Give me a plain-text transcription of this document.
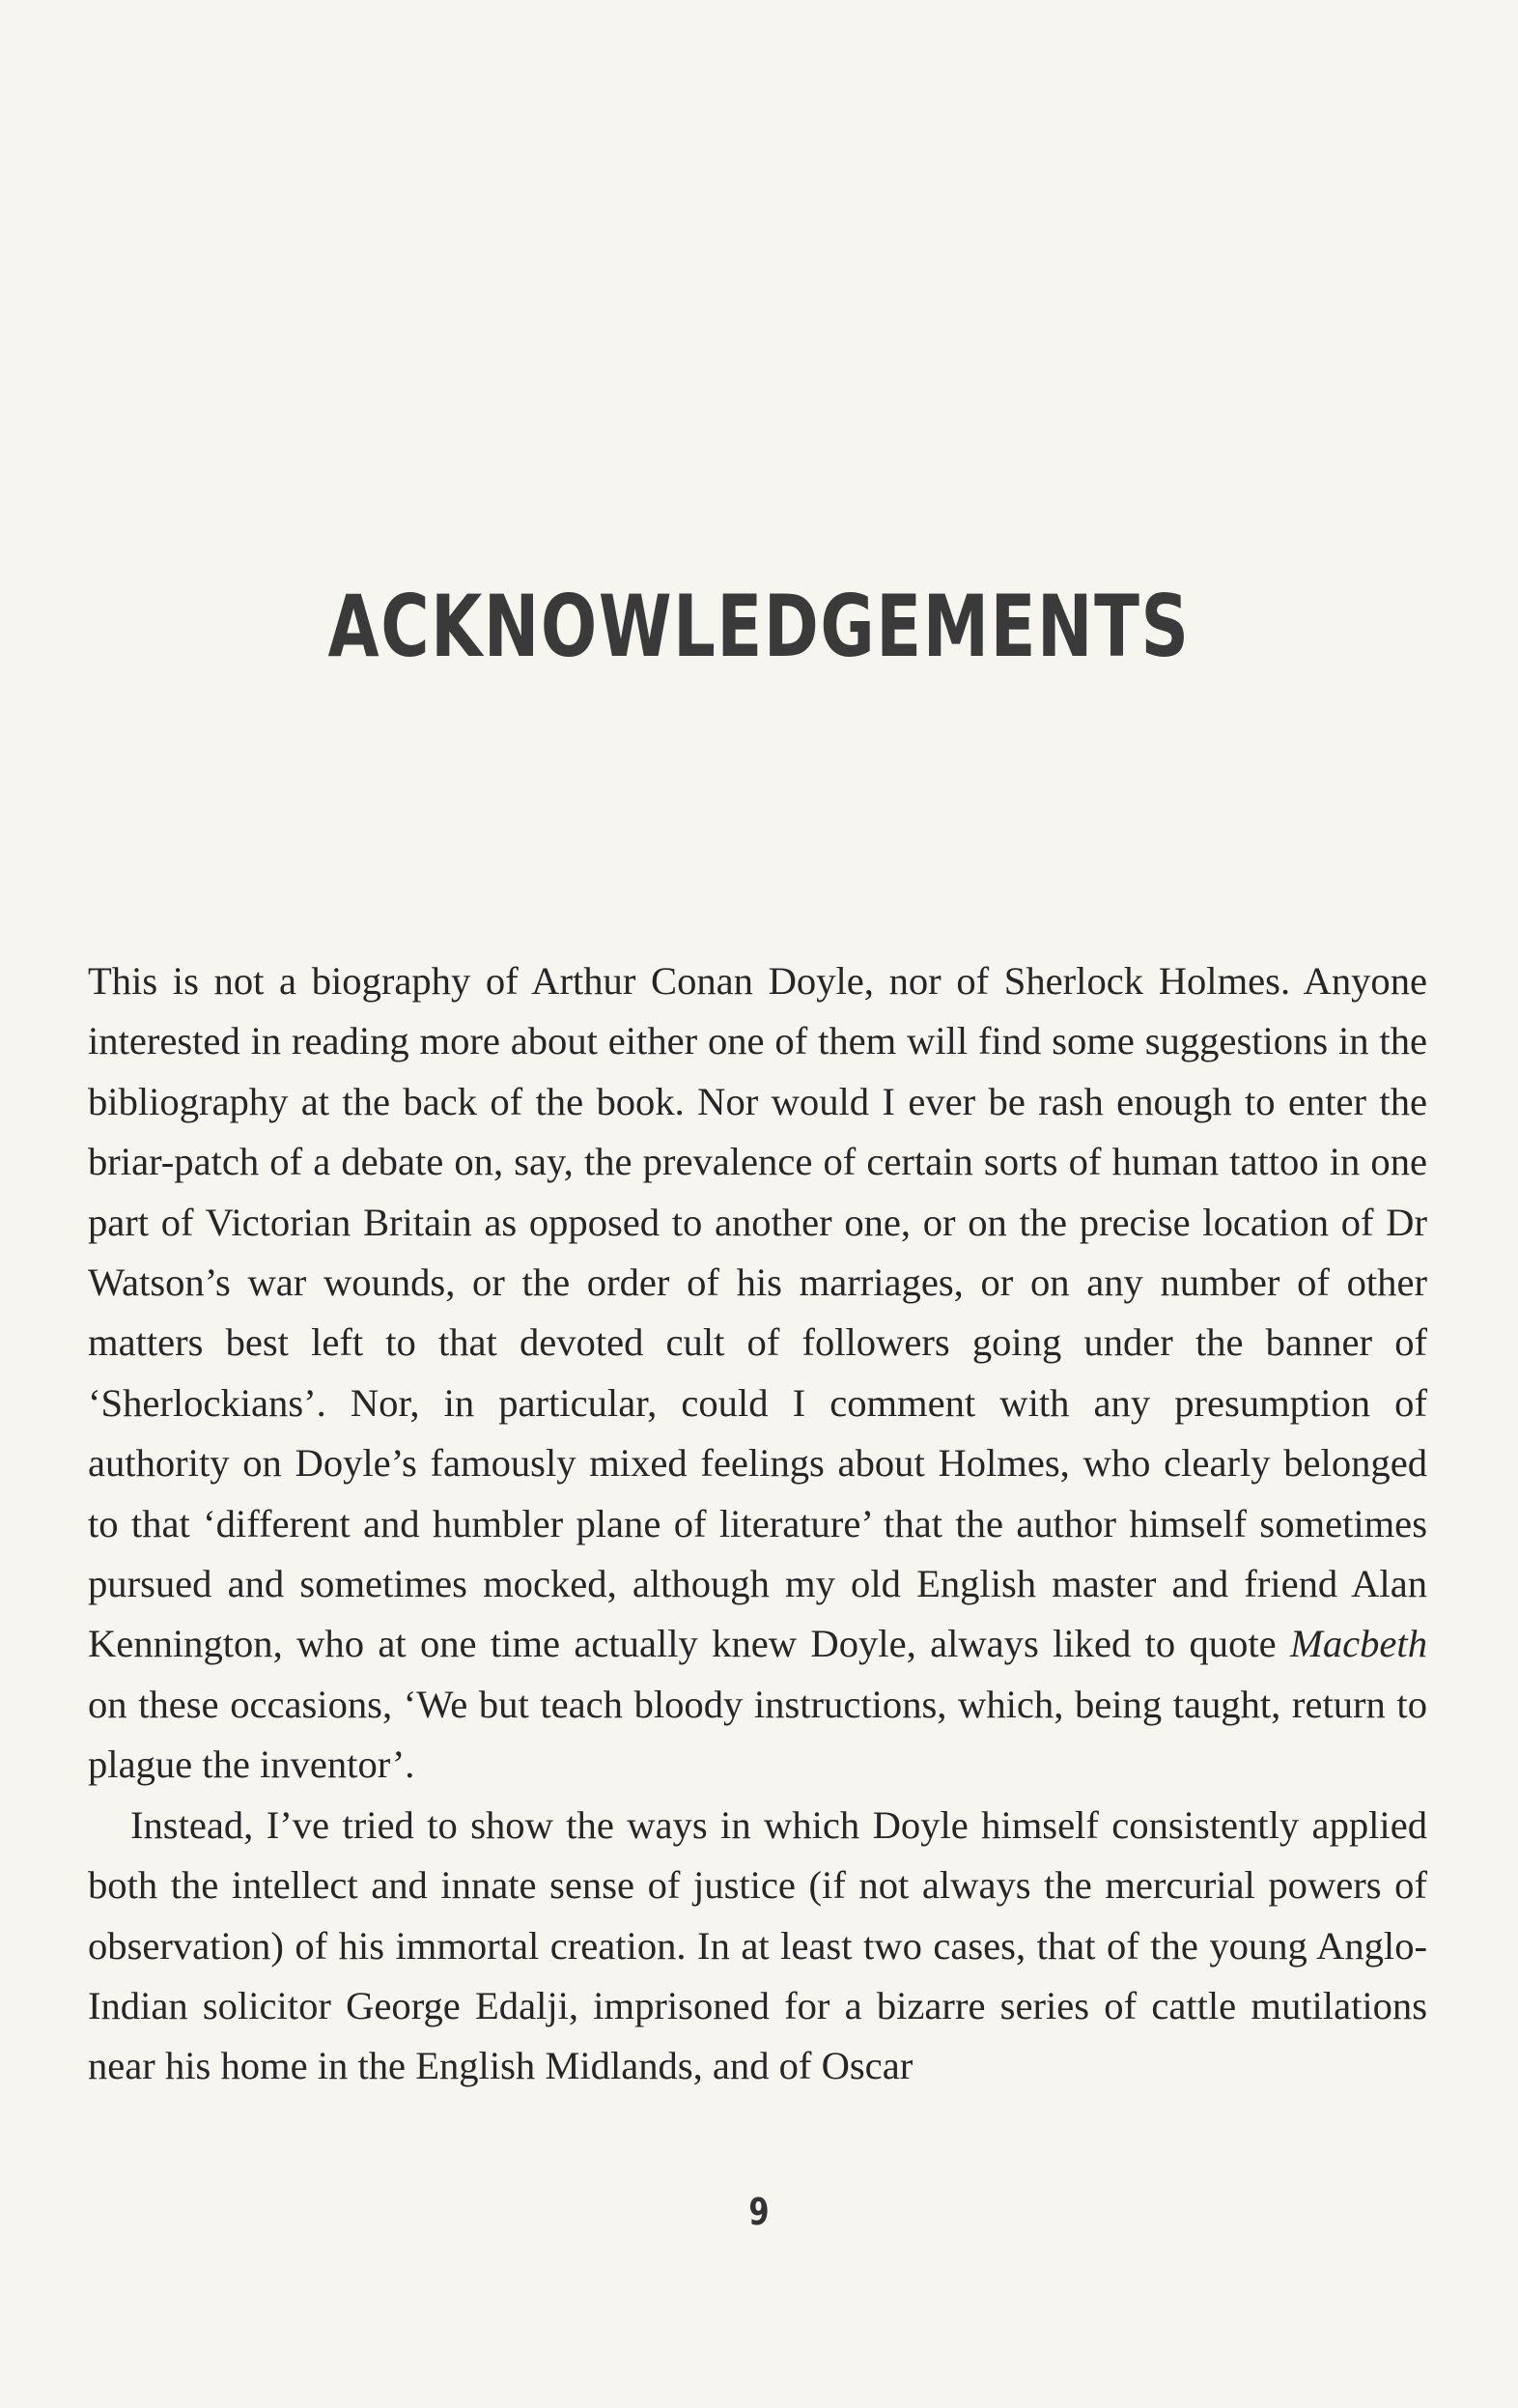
ACKNOWLEDGEMENTS

This is not a biography of Arthur Conan Doyle, nor of Sherlock Holmes. Anyone interested in reading more about either one of them will find some suggestions in the bibliography at the back of the book. Nor would I ever be rash enough to enter the briar-patch of a debate on, say, the prevalence of certain sorts of human tattoo in one part of Victorian Britain as opposed to another one, or on the precise location of Dr Watson’s war wounds, or the order of his marriages, or on any number of other matters best left to that devoted cult of followers going under the banner of ‘Sherlockians’. Nor, in particular, could I comment with any presumption of authority on Doyle’s famously mixed feelings about Holmes, who clearly belonged to that ‘different and humbler plane of literature’ that the author himself sometimes pursued and sometimes mocked, although my old English master and friend Alan Kennington, who at one time actually knew Doyle, always liked to quote Macbeth on these occasions, ‘We but teach bloody instructions, which, being taught, return to plague the inventor’.

Instead, I’ve tried to show the ways in which Doyle himself consistently applied both the intellect and innate sense of justice (if not always the mercurial powers of observation) of his immortal creation. In at least two cases, that of the young Anglo-Indian solicitor George Edalji, imprisoned for a bizarre series of cattle mutilations near his home in the English Midlands, and of Oscar

9
